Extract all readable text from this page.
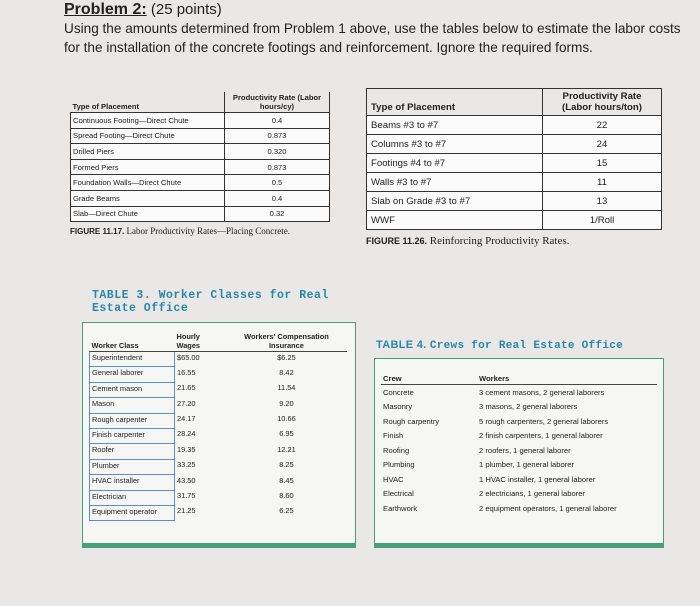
Problem 2: (25 points)
Using the amounts determined from Problem 1 above, use the tables below to estimate the labor costs for the installation of the concrete footings and reinforcement. Ignore the required forms.
Type of Placement	Productivity Rate (Labor hours/cy)
Continuous Footing—Direct Chute	0.4
Spread Footing—Direct Chute	0.873
Drilled Piers	0.320
Formed Piers	0.873
Foundation Walls—Direct Chute	0.5
Grade Beams	0.4
Slab—Direct Chute	0.32
FIGURE 11.17. Labor Productivity Rates—Placing Concrete.
Type of Placement	Productivity Rate (Labor hours/ton)
Beams #3 to #7	22
Columns #3 to #7	24
Footings #4 to #7	15
Walls #3 to #7	11
Slab on Grade #3 to #7	13
WWF	1/Roll
FIGURE 11.26. Reinforcing Productivity Rates.
TABLE 3. Worker Classes for Real Estate Office
Worker Class	Hourly Wages	Workers' Compensation Insurance
Superintendent	$65.00	$6.25
General laborer	16.55	8.42
Cement mason	21.65	11.54
Mason	27.20	9.20
Rough carpenter	24.17	10.66
Finish carpenter	28.24	6.95
Roofer	19.35	12.21
Plumber	33.25	8.25
HVAC installer	43.50	8.45
Electrician	31.75	8.60
Equipment operator	21.25	6.25
TABLE 4. Crews for Real Estate Office
Crew	Workers
Concrete	3 cement masons, 2 general laborers
Masonry	3 masons, 2 general laborers
Rough carpentry	5 rough carpenters, 2 general laborers
Finish	2 finish carpenters, 1 general laborer
Roofing	2 roofers, 1 general laborer
Plumbing	1 plumber, 1 general laborer
HVAC	1 HVAC installer, 1 general laborer
Electrical	2 electricians, 1 general laborer
Earthwork	2 equipment operators, 1 general laborer
